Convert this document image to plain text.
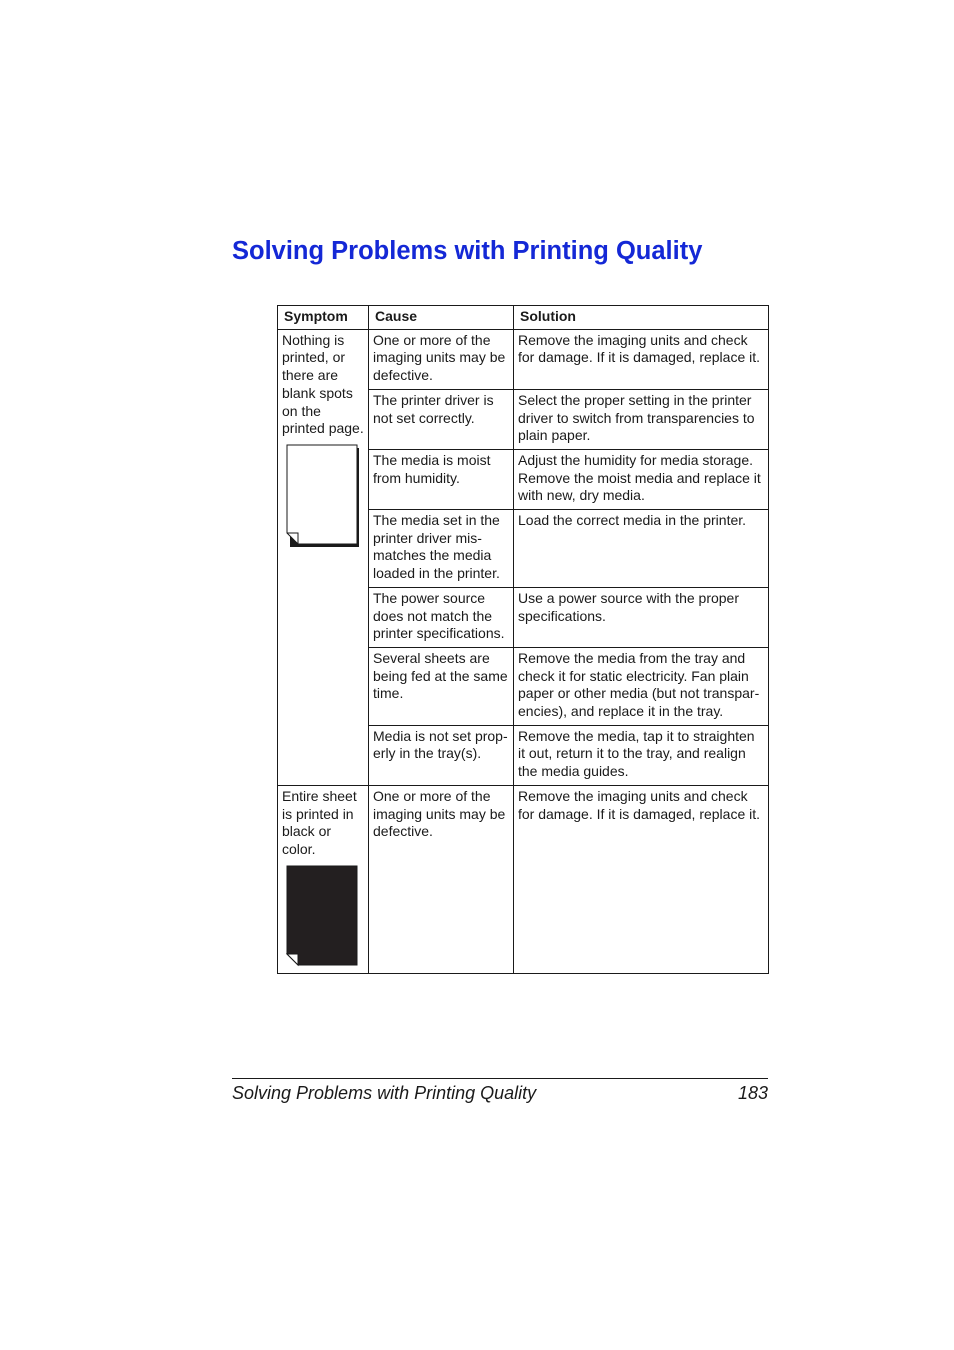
Solving Problems with Printing Quality
Symptom	Cause	Solution

Nothing is printed, or there are blank spots on the printed page.	One or more of the imaging units may be defective.	Remove the imaging units and check for damage. If it is damaged, replace it.
	The printer driver is not set correctly.	Select the proper setting in the printer driver to switch from transparencies to plain paper.
	The media is moist from humidity.	Adjust the humidity for media storage. Remove the moist media and replace it with new, dry media.
	The media set in the printer driver mis-matches the media loaded in the printer.	Load the correct media in the printer.
	The power source does not match the printer specifications.	Use a power source with the proper specifications.
	Several sheets are being fed at the same time.	Remove the media from the tray and check it for static electricity. Fan plain paper or other media (but not transpar-encies), and replace it in the tray.
	Media is not set prop-erly in the tray(s).	Remove the media, tap it to straighten it out, return it to the tray, and realign the media guides.

Entire sheet is printed in black or color.	One or more of the imaging units may be defective.	Remove the imaging units and check for damage. If it is damaged, replace it.
Solving Problems with Printing Quality	183
